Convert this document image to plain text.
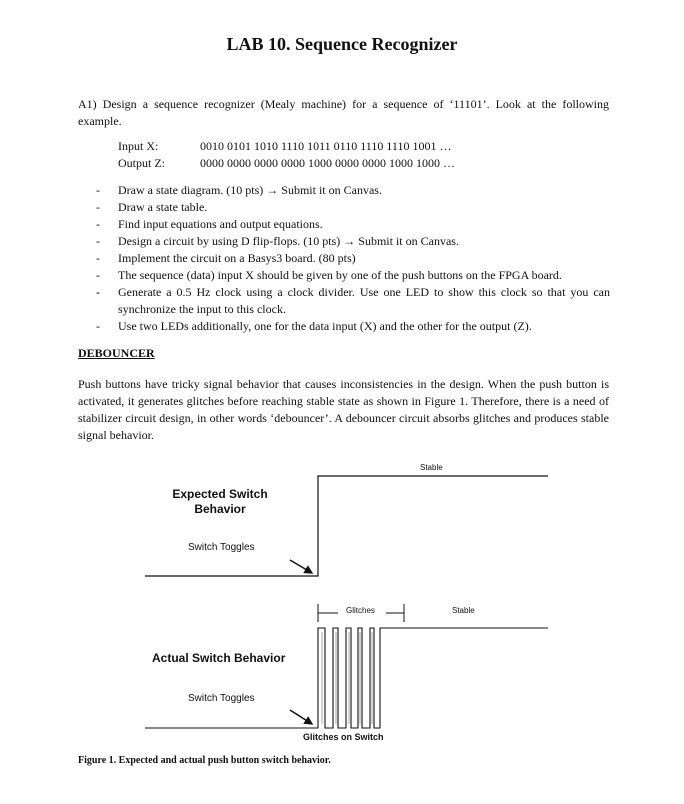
LAB 10. Sequence Recognizer
A1) Design a sequence recognizer (Mealy machine) for a sequence of ‘11101’. Look at the following example.
Input X:	0010 0101 1010 1110 1011 0110 1110 1110 1001 …
Output Z:	0000 0000 0000 0000 1000 0000 0000 1000 1000 …
- Draw a state diagram. (10 pts) → Submit it on Canvas.
- Draw a state table.
- Find input equations and output equations.
- Design a circuit by using D flip-flops. (10 pts) → Submit it on Canvas.
- Implement the circuit on a Basys3 board. (80 pts)
- The sequence (data) input X should be given by one of the push buttons on the FPGA board.
- Generate a 0.5 Hz clock using a clock divider. Use one LED to show this clock so that you can synchronize the input to this clock.
- Use two LEDs additionally, one for the data input (X) and the other for the output (Z).
DEBOUNCER
Push buttons have tricky signal behavior that causes inconsistencies in the design. When the push button is activated, it generates glitches before reaching stable state as shown in Figure 1. Therefore, there is a need of stabilizer circuit design, in other words ‘debouncer’. A debouncer circuit absorbs glitches and produces stable signal behavior.
Stable
Expected Switch
Behavior
Switch Toggles
Glitches	Stable
Actual Switch Behavior
Switch Toggles
Glitches on Switch
Figure 1. Expected and actual push button switch behavior.
